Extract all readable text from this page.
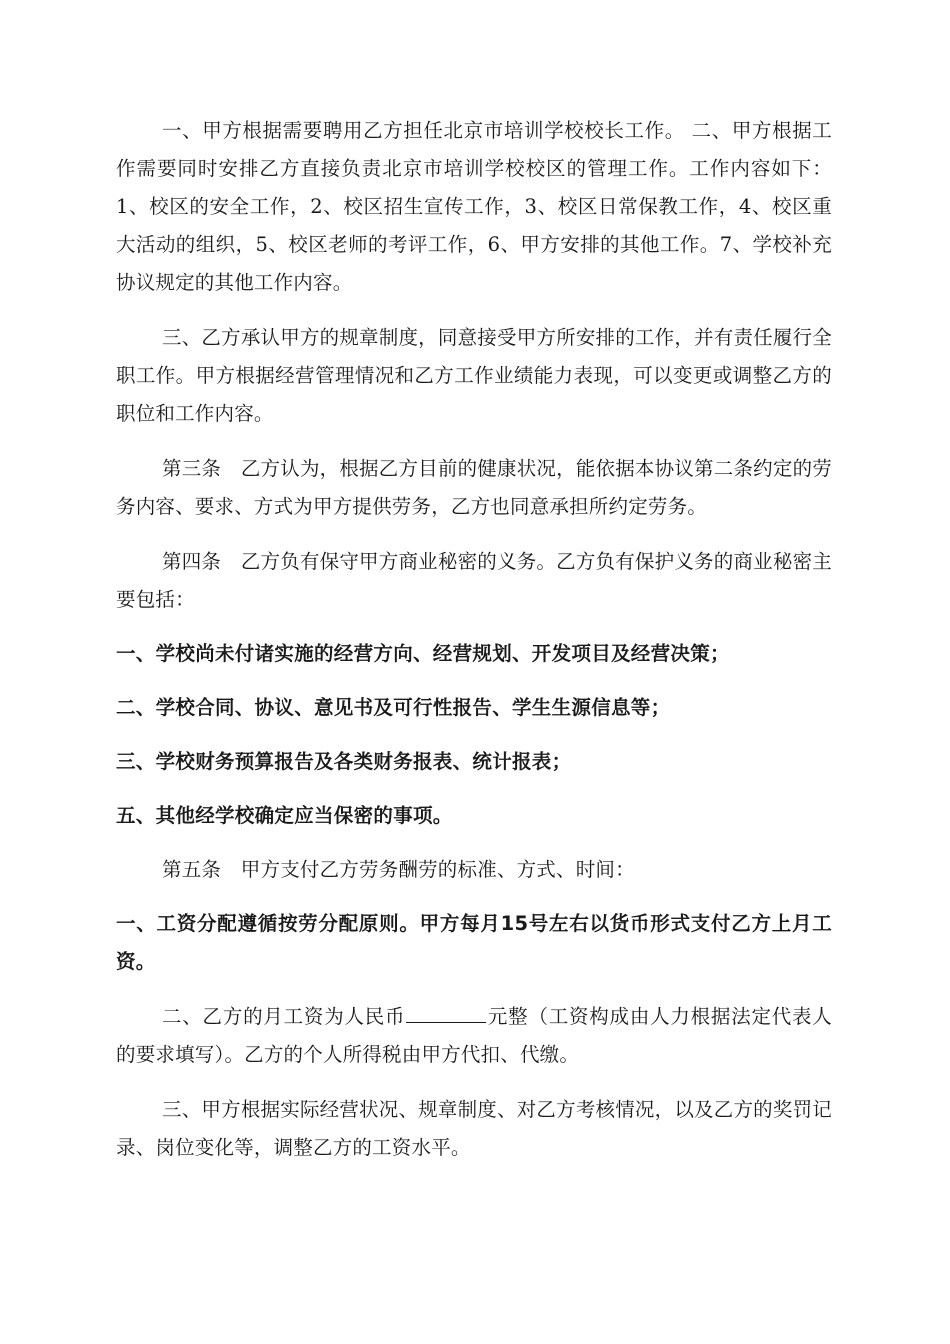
一、甲方根据需要聘用乙方担任北京市培训学校校长工作。 二、甲方根据工作需要同时安排乙方直接负责北京市培训学校校区的管理工作。工作内容如下：1、校区的安全工作，2、校区招生宣传工作，3、校区日常保教工作，4、校区重大活动的组织，5、校区老师的考评工作，6、甲方安排的其他工作。7、学校补充协议规定的其他工作内容。

三、乙方承认甲方的规章制度，同意接受甲方所安排的工作，并有责任履行全职工作。甲方根据经营管理情况和乙方工作业绩能力表现，可以变更或调整乙方的职位和工作内容。

第三条　乙方认为，根据乙方目前的健康状况，能依据本协议第二条约定的劳务内容、要求、方式为甲方提供劳务，乙方也同意承担所约定劳务。

第四条　乙方负有保守甲方商业秘密的义务。乙方负有保护义务的商业秘密主要包括：

一、学校尚未付诸实施的经营方向、经营规划、开发项目及经营决策；

二、学校合同、协议、意见书及可行性报告、学生生源信息等；

三、学校财务预算报告及各类财务报表、统计报表；

五、其他经学校确定应当保密的事项。

第五条　甲方支付乙方劳务酬劳的标准、方式、时间：

一、工资分配遵循按劳分配原则。甲方每月15号左右以货币形式支付乙方上月工资。

二、乙方的月工资为人民币	元整（工资构成由人力根据法定代表人的要求填写）。乙方的个人所得税由甲方代扣、代缴。

三、甲方根据实际经营状况、规章制度、对乙方考核情况，以及乙方的奖罚记录、岗位变化等，调整乙方的工资水平。
